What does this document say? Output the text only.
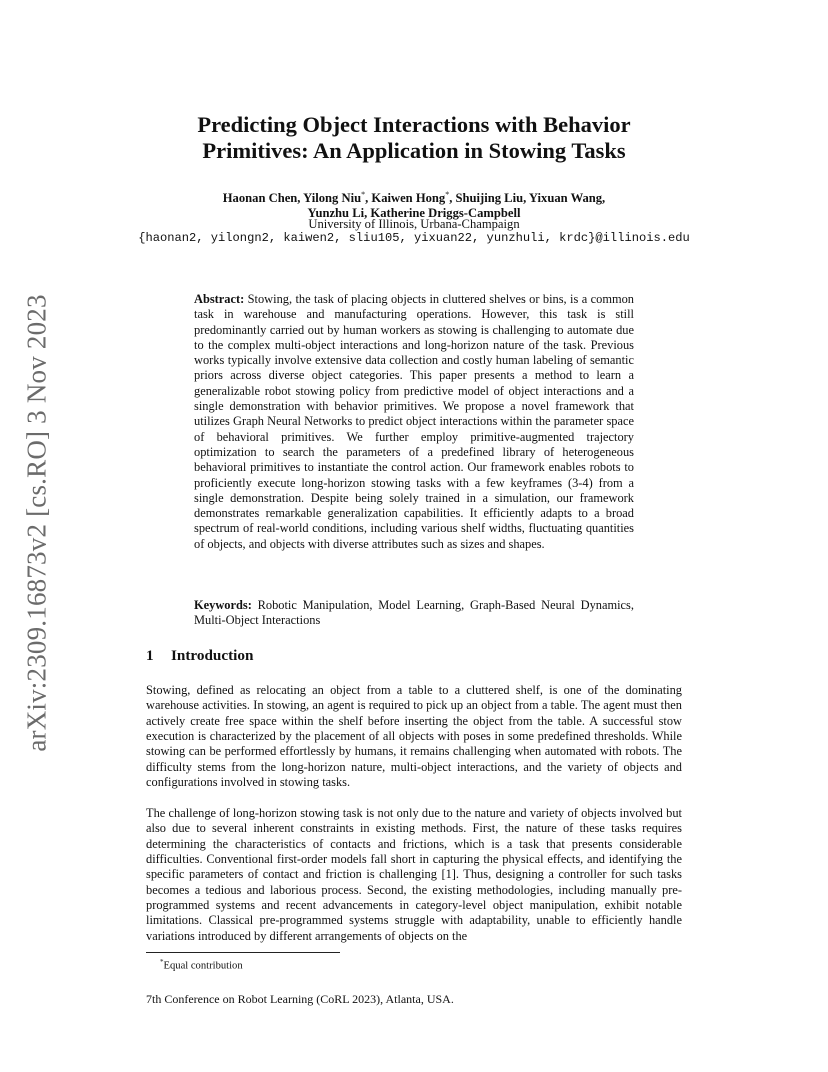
arXiv:2309.16873v2 [cs.RO] 3 Nov 2023
Predicting Object Interactions with Behavior Primitives: An Application in Stowing Tasks
Haonan Chen, Yilong Niu*, Kaiwen Hong*, Shuijing Liu, Yixuan Wang,
Yunzhu Li, Katherine Driggs-Campbell
University of Illinois, Urbana-Champaign
{haonan2, yilongn2, kaiwen2, sliu105, yixuan22, yunzhuli, krdc}@illinois.edu
Abstract: Stowing, the task of placing objects in cluttered shelves or bins, is a common task in warehouse and manufacturing operations. However, this task is still predominantly carried out by human workers as stowing is challenging to automate due to the complex multi-object interactions and long-horizon nature of the task. Previous works typically involve extensive data collection and costly human labeling of semantic priors across diverse object categories. This paper presents a method to learn a generalizable robot stowing policy from predictive model of object interactions and a single demonstration with behavior primitives. We propose a novel framework that utilizes Graph Neural Networks to predict object interactions within the parameter space of behavioral primitives. We further employ primitive-augmented trajectory optimization to search the parameters of a predefined library of heterogeneous behavioral primitives to instantiate the control action. Our framework enables robots to proficiently execute long-horizon stowing tasks with a few keyframes (3-4) from a single demonstration. Despite being solely trained in a simulation, our framework demonstrates remarkable generalization capabilities. It efficiently adapts to a broad spectrum of real-world conditions, including various shelf widths, fluctuating quantities of objects, and objects with diverse attributes such as sizes and shapes.
Keywords: Robotic Manipulation, Model Learning, Graph-Based Neural Dynamics, Multi-Object Interactions
1 Introduction

Stowing, defined as relocating an object from a table to a cluttered shelf, is one of the dominating warehouse activities. In stowing, an agent is required to pick up an object from a table. The agent must then actively create free space within the shelf before inserting the object from the table. A successful stow execution is characterized by the placement of all objects with poses in some predefined thresholds. While stowing can be performed effortlessly by humans, it remains challenging when automated with robots. The difficulty stems from the long-horizon nature, multi-object interactions, and the variety of objects and configurations involved in stowing tasks.

The challenge of long-horizon stowing task is not only due to the nature and variety of objects involved but also due to several inherent constraints in existing methods. First, the nature of these tasks requires determining the characteristics of contacts and frictions, which is a task that presents considerable difficulties. Conventional first-order models fall short in capturing the physical effects, and identifying the specific parameters of contact and friction is challenging [1]. Thus, designing a controller for such tasks becomes a tedious and laborious process. Second, the existing methodologies, including manually pre-programmed systems and recent advancements in category-level object manipulation, exhibit notable limitations. Classical pre-programmed systems struggle with adaptability, unable to efficiently handle variations introduced by different arrangements of objects on the

*Equal contribution
7th Conference on Robot Learning (CoRL 2023), Atlanta, USA.
